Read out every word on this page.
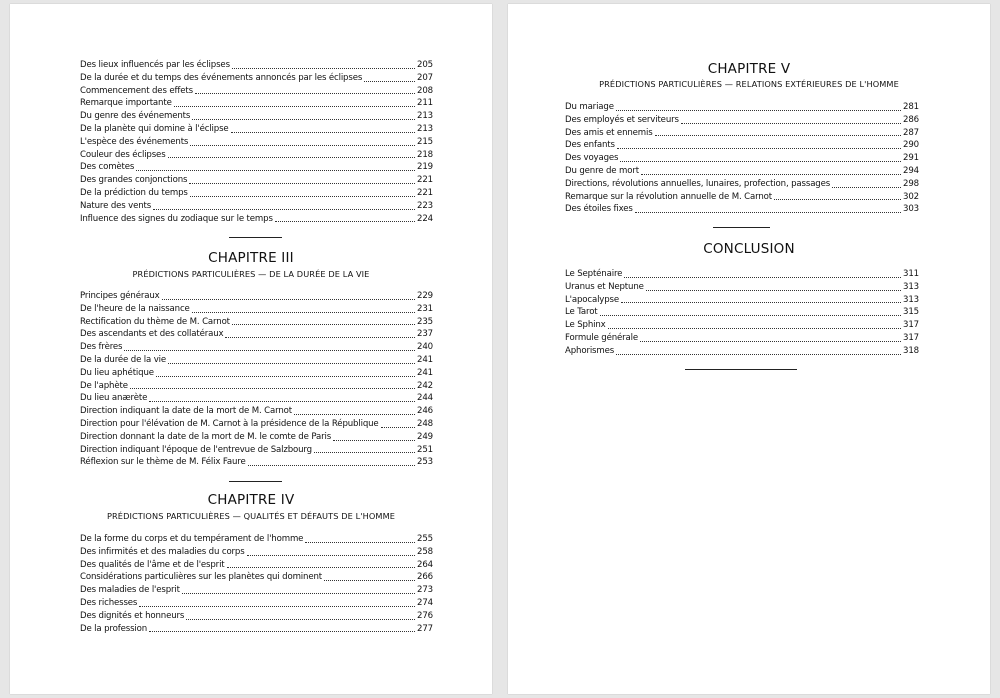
Des lieux influencés par les éclipses	205
De la durée et du temps des événements annoncés par les éclipses	207
Commencement des effets	208
Remarque importante	211
Du genre des événements	213
De la planète qui domine à l'éclipse	213
L'espèce des événements	215
Couleur des éclipses	218
Des comètes	219
Des grandes conjonctions	221
De la prédiction du temps	221
Nature des vents	223
Influence des signes du zodiaque sur le temps	224
CHAPITRE III
PRÉDICTIONS PARTICULIÈRES — DE LA DURÉE DE LA VIE
Principes généraux	229
De l'heure de la naissance	231
Rectification du thème de M. Carnot	235
Des ascendants et des collatéraux	237
Des frères	240
De la durée de la vie	241
Du lieu aphétique	241
De l'aphète	242
Du lieu anærète	244
Direction indiquant la date de la mort de M. Carnot	246
Direction pour l'élévation de M. Carnot à la présidence de la République	248
Direction donnant la date de la mort de M. le comte de Paris	249
Direction indiquant l'époque de l'entrevue de Salzbourg	251
Réflexion sur le thème de M. Félix Faure	253
CHAPITRE IV
PRÉDICTIONS PARTICULIÈRES — QUALITÉS ET DÉFAUTS DE L'HOMME
De la forme du corps et du tempérament de l'homme	255
Des infirmités et des maladies du corps	258
Des qualités de l'âme et de l'esprit	264
Considérations particulières sur les planètes qui dominent	266
Des maladies de l'esprit	273
Des richesses	274
Des dignités et honneurs	276
De la profession	277
CHAPITRE V
PRÉDICTIONS PARTICULIÈRES — RELATIONS EXTÉRIEURES DE L'HOMME
Du mariage	281
Des employés et serviteurs	286
Des amis et ennemis	287
Des enfants	290
Des voyages	291
Du genre de mort	294
Directions, révolutions annuelles, lunaires, profection, passages	298
Remarque sur la révolution annuelle de M. Carnot	302
Des étoiles fixes	303
CONCLUSION
Le Septénaire	311
Uranus et Neptune	313
L'apocalypse	313
Le Tarot	315
Le Sphinx	317
Formule générale	317
Aphorismes	318
